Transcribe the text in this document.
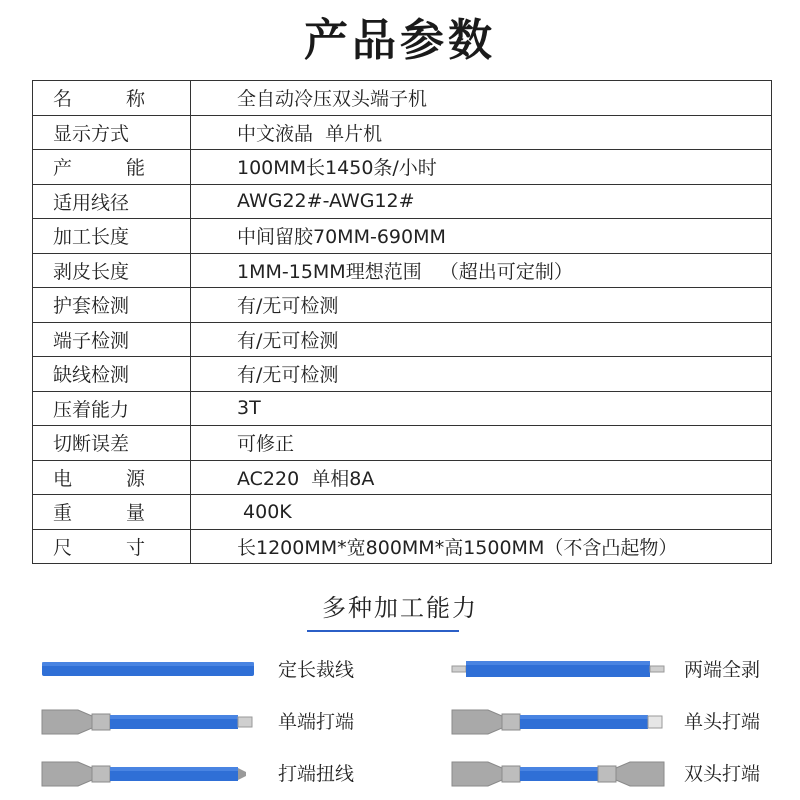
产品参数
名 称	全自动冷压双头端子机
显示方式	中文液晶  单片机

产 能	100MM长1450条/小时
适用线径	AWG22#-AWG12#
加工长度	中间留胶70MM-690MM
剥皮长度	1MM-15MM理想范围   （超出可定制）
护套检测	有/无可检测
端子检测	有/无可检测
缺线检测	有/无可检测
压着能力	3T
切断误差	可修正

电 源	AC220  单相8A

重 量	400K

尺 寸	长1200MM*宽800MM*高1500MM（不含凸起物）
多种加工能力
定长裁线
单端打端
打端扭线
两端全剥
单头打端
双头打端
